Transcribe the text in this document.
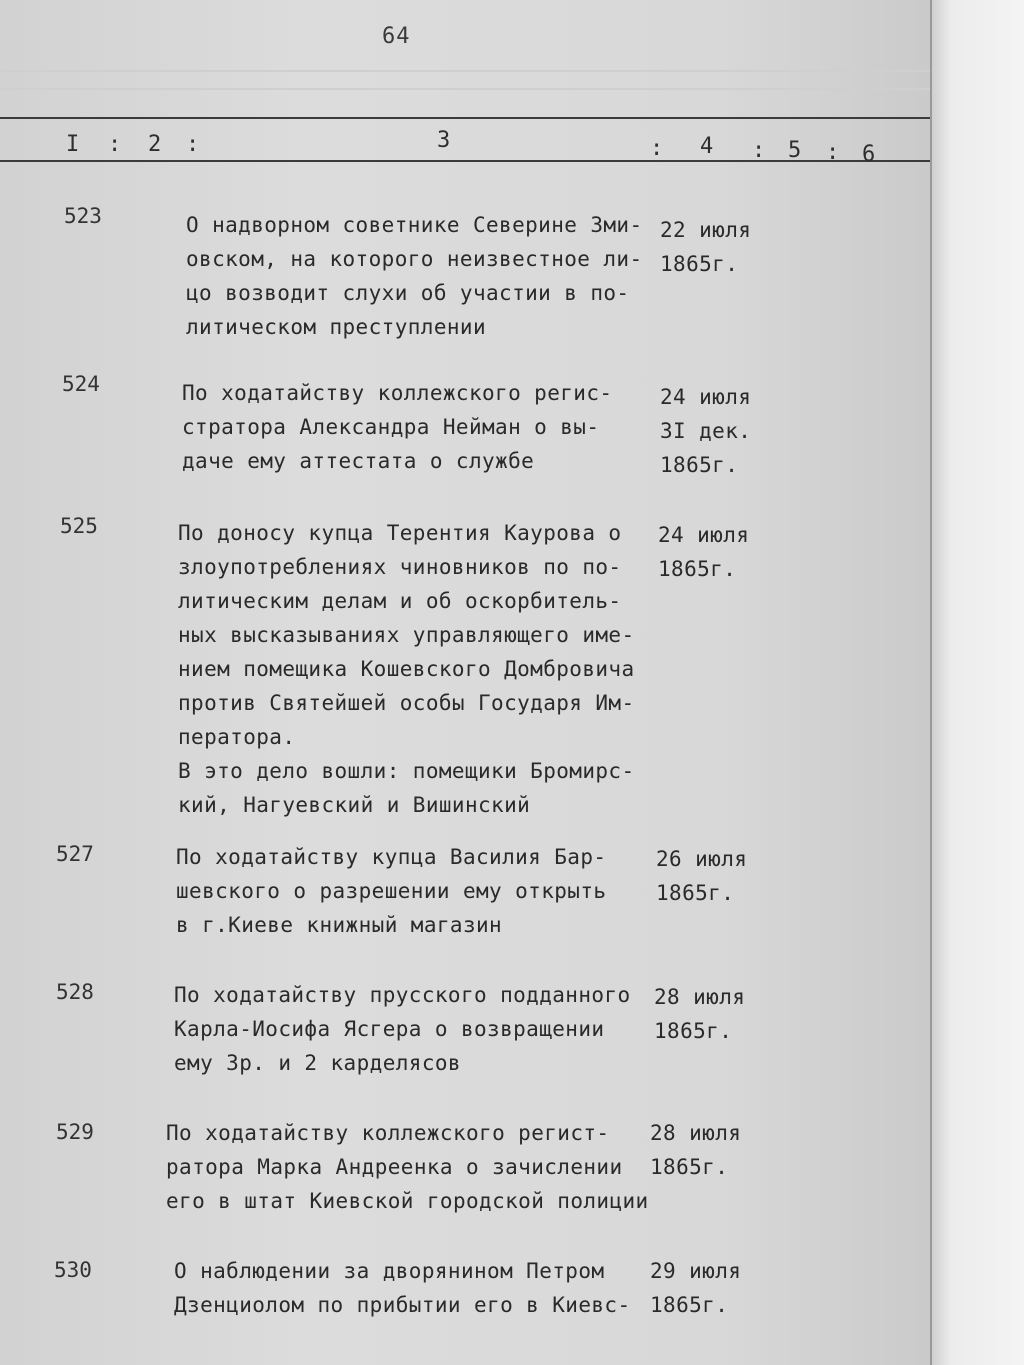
64
I : 2 :	3	: 4 : 5 : 6
523	О надворном советнике Северине Зми-
овском, на которого неизвестное ли-
цо возводит слухи об участии в по-
литическом преступлении
22 июля
1865г.
524	По ходатайству коллежского регис-
стратора Александра Нейман о вы-
даче ему аттестата о службе
24 июля
3I дек.
1865г.
525	По доносу купца Терентия Каурова о
злоупотреблениях чиновников по по-
литическим делам и об оскорбитель-
ных высказываниях управляющего име-
нием помещика Кошевского Домбровича
против Святейшей особы Государя Им-
ператора.
В это дело вошли: помещики Бромирс-
кий, Нагуевский и Вишинский
24 июля
1865г.
527	По ходатайству купца Василия Бар-
шевского о разрешении ему открыть
в г.Киеве книжный магазин
26 июля
1865г.
528	По ходатайству прусского подданного
Карла-Иосифа Ясгера о возвращении
ему 3р. и 2 карделясов
28 июля
1865г.
529	По ходатайству коллежского регист-
ратора Марка Андреенка о зачислении
его в штат Киевской городской полиции
28 июля
1865г.
530	О наблюдении за дворянином Петром
Дзенциолом по прибытии его в Киевс-
29 июля
1865г.
